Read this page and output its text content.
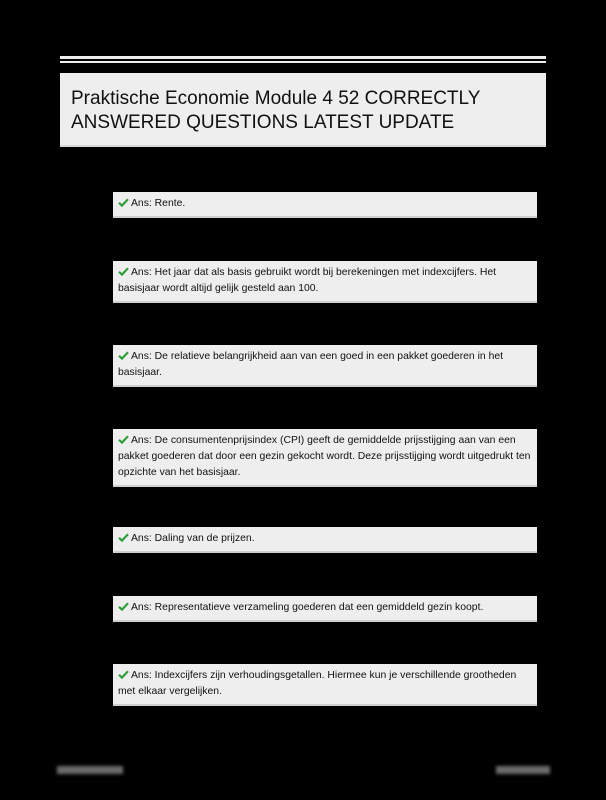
Praktische Economie Module 4 52 CORRECTLY

ANSWERED QUESTIONS LATEST UPDATE

Ans: Rente.
Ans: Het jaar dat als basis gebruikt wordt bij berekeningen met indexcijfers. Het basisjaar wordt altijd gelijk gesteld aan 100.
Ans: De relatieve belangrijkheid aan van een goed in een pakket goederen in het basisjaar.
Ans: De consumentenprijsindex (CPI) geeft de gemiddelde prijsstijging aan van een pakket goederen dat door een gezin gekocht wordt. Deze prijsstijging wordt uitgedrukt ten opzichte van het basisjaar.
Ans: Daling van de prijzen.
Ans: Representatieve verzameling goederen dat een gemiddeld gezin koopt.
Ans: Indexcijfers zijn verhoudingsgetallen. Hiermee kun je verschillende grootheden met elkaar vergelijken.
